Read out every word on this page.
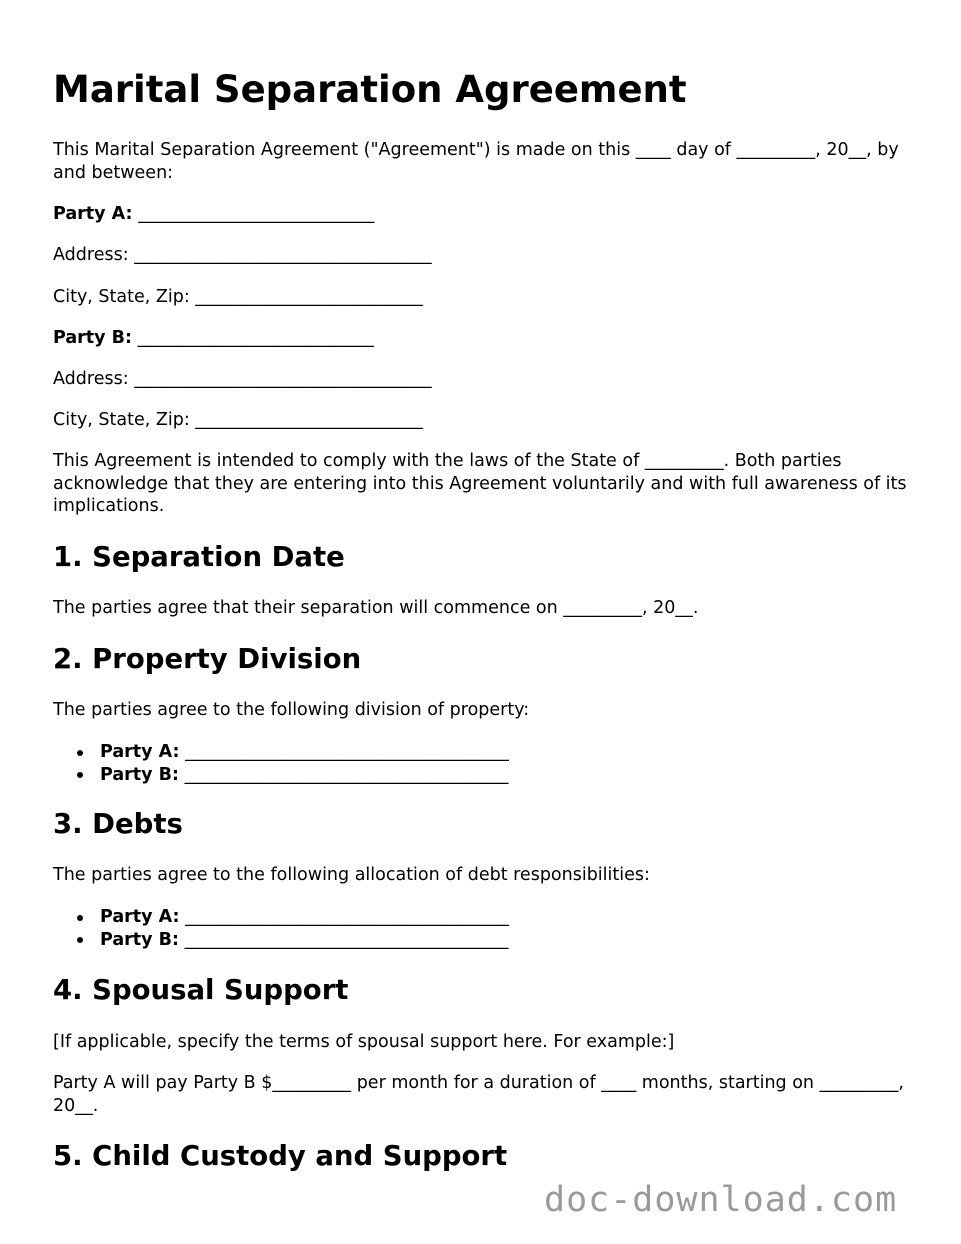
Marital Separation Agreement

This Marital Separation Agreement ("Agreement") is made on this ____ day of _________, 20__, by and between:

Party A: ___________________________

Address: __________________________________

City, State, Zip: __________________________

Party B: ___________________________

Address: __________________________________

City, State, Zip: __________________________

This Agreement is intended to comply with the laws of the State of _________. Both parties acknowledge that they are entering into this Agreement voluntarily and with full awareness of its implications.

1. Separation Date

The parties agree that their separation will commence on _________, 20__.

2. Property Division

The parties agree to the following division of property:

Party A: _____________________________________
Party B: _____________________________________
3. Debts

The parties agree to the following allocation of debt responsibilities:

Party A: _____________________________________
Party B: _____________________________________
4. Spousal Support

[If applicable, specify the terms of spousal support here. For example:]

Party A will pay Party B $_________ per month for a duration of ____ months, starting on _________, 20__.

5. Child Custody and Support
doc-download.com
